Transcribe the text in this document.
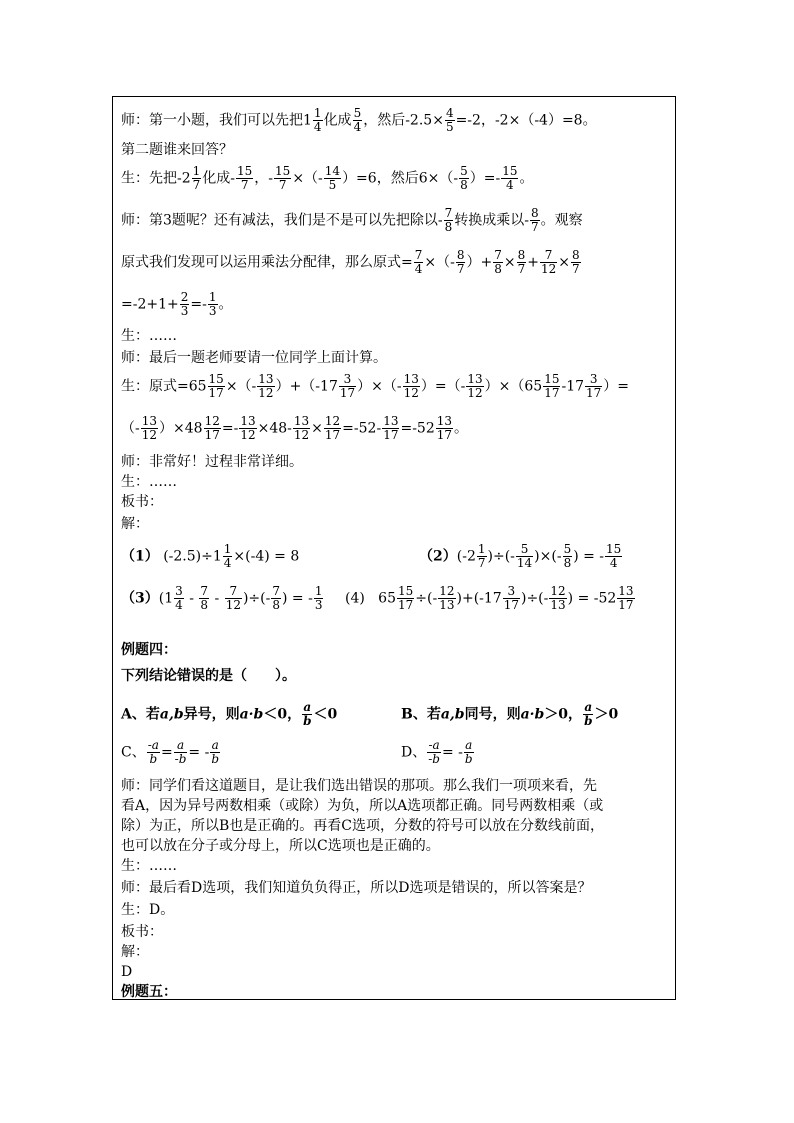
师：第一小题，我们可以先把$1 \frac{1}{4}$ 化成 $\frac{5}{4}$ ，然后$-2.5\times \frac{4}{5} =-2$，-2×（-4）=8。
第二题谁来回答？
生：先把$-2 \frac{1}{7}$ 化成- $\frac{15}{7}$ ，- $\frac{15}{7}$ ×（- $\frac{14}{5} )=6$，然后$6\times(- \frac{5}{8}$ ）=- $\frac{15}{4}$ 。
师：第3题呢？还有减法，我们是不是可以先把除以- $\frac{7}{8}$ 转换成乘以- $\frac{8}{7}$ 。观察
原式我们发现可以运用乘法分配律，那么原式= $\frac{7}{4}$ ×（- $\frac{8}{7}$ ）+ $\frac{7}{8} \times \frac{8}{7} + \frac{7}{12} \times \frac{8}{7}$
$=-2+1+ \frac{2}{3} =- \frac{1}{3}$ 。
生：……
师：最后一题老师要请一位同学上面计算。
生：原式$=65 \frac{15}{17}$ ×（- $\frac{13}{12} )+(-17 \frac{3}{17}$ ）×（- $\frac{13}{12}$ ）=（- $\frac{13}{12} )\times(65 \frac{15}{17} -17 \frac{3}{17}$ ）=
（- $\frac{13}{12} )\times 48 \frac{12}{17} =- \frac{13}{12} \times 48- \frac{13}{12} \times \frac{12}{17} =-52- \frac{13}{17} =-52 \frac{13}{17}$ 。
师：非常好！过程非常详细。
生：……
板书：
解：
（1） $(-2.5)\div 1 \frac{1}{4} \times(-4) = 8$	$(2)(-2 \frac{1}{7}$ )÷(- $\frac{5}{14}$ )×(- $\frac{5}{8}$ ) = - $\frac{15}{4}$
$(3)(1 \frac{3}{4} - \frac{7}{8} - \frac{7}{12}$ )÷(- $\frac{7}{8}$ ) = - $\frac{1}{3} (4)$   $65 \frac{15}{17}$ ÷(- $\frac{12}{13} )+(-17 \frac{3}{17}$ )÷(- $\frac{12}{13}$ ) = $-52 \frac{13}{17}$
例题四：
下列结论错误的是（　　）。
A、若a,b异号，则a·b＜0， $\frac{a}{b} <0$	B、若a,b同号，则a·b＞0， $\frac{a}{b} >0$
C、 $\frac{-a}{b} = \frac{a}{-b}$ = - $\frac{a}{b}$	D、 $\frac{-a}{-b}$ = - $\frac{a}{b}$
师：同学们看这道题目，是让我们选出错误的那项。那么我们一项项来看，先
看A，因为异号两数相乘（或除）为负，所以A选项都正确。同号两数相乘（或
除）为正，所以B也是正确的。再看C选项，分数的符号可以放在分数线前面，
也可以放在分子或分母上，所以C选项也是正确的。
生：……
师：最后看D选项，我们知道负负得正，所以D选项是错误的，所以答案是？
生：D。
板书：
解：
D
例题五：
